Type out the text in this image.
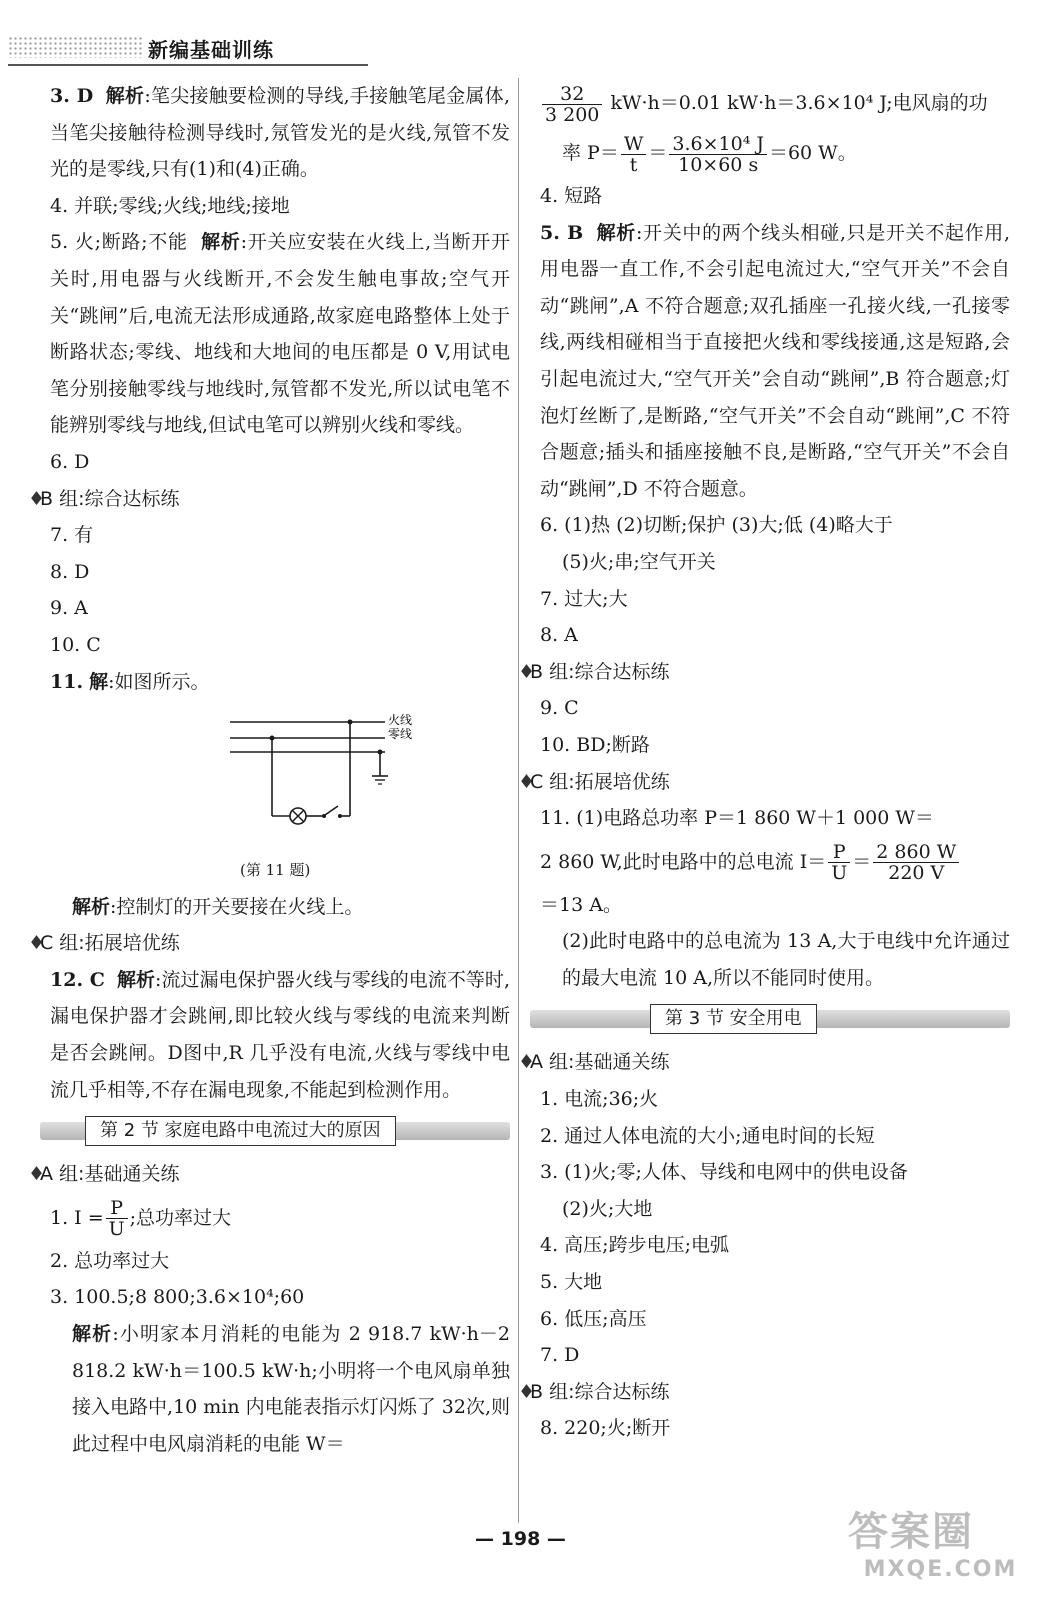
新编基础训练

3. D 解析:笔尖接触要检测的导线,手接触笔尾金属体,当笔尖接触待检测导线时,氖管发光的是火线,氖管不发光的是零线,只有(1)和(4)正确。

4. 并联;零线;火线;地线;接地

5. 火;断路;不能 解析:开关应安装在火线上,当断开开关时,用电器与火线断开,不会发生触电事故;空气开关“跳闸”后,电流无法形成通路,故家庭电路整体上处于断路状态;零线、地线和大地间的电压都是 0 V,用试电笔分别接触零线与地线时,氖管都不发光,所以试电笔不能辨别零线与地线,但试电笔可以辨别火线和零线。

6. D

♦B 组:综合达标练

7. 有

8. D

9. A

10. C

11. 解:如图所示。

火线
零线

(第 11 题)

解析:控制灯的开关要接在火线上。

♦C 组:拓展培优练

12. C 解析:流过漏电保护器火线与零线的电流不等时,漏电保护器才会跳闸,即比较火线与零线的电流来判断是否会跳闸。D图中,R 几乎没有电流,火线与零线中电流几乎相等,不存在漏电现象,不能起到检测作用。

第 2 节 家庭电路中电流过大的原因

♦A 组:基础通关练

1. $I = \frac{P}{U}$ ;总功率过大

2. 总功率过大

3. 100.5;8 800;3.6×10⁴;60

解析:小明家本月消耗的电能为 2 918.7 kW·h－2 818.2 kW·h＝100.5 kW·h;小明将一个电风扇单独接入电路中,10 min 内电能表指示灯闪烁了 32次,则此过程中电风扇消耗的电能 W＝

$\frac{32}{3 200} kW\cdot h=0.01$ kW·h＝3.6×10⁴ J;电风扇的功

率 $P= \frac{W}{t} = \frac{\text{3.6×10⁴ J}}{10\times 60 s} =60$ W。

4. 短路

5. B 解析:开关中的两个线头相碰,只是开关不起作用,用电器一直工作,不会引起电流过大,“空气开关”不会自动“跳闸”,A 不符合题意;双孔插座一孔接火线,一孔接零线,两线相碰相当于直接把火线和零线接通,这是短路,会引起电流过大,“空气开关”会自动“跳闸”,B 符合题意;灯泡灯丝断了,是断路,“空气开关”不会自动“跳闸”,C 不符合题意;插头和插座接触不良,是断路,“空气开关”不会自动“跳闸”,D 不符合题意。

6. (1)热 (2)切断;保护 (3)大;低 (4)略大于

(5)火;串;空气开关

7. 过大;大

8. A

♦B 组:综合达标练

9. C

10. BD;断路

♦C 组:拓展培优练

11. (1)电路总功率 P＝1 860 W＋1 000 W＝

2 860 W,此时电路中的总电流 $I= \frac{P}{U} = \frac{2 860 W}{220 V}$

＝13 A。

(2)此时电路中的总电流为 13 A,大于电线中允许通过的最大电流 10 A,所以不能同时使用。

第 3 节 安全用电

♦A 组:基础通关练

1. 电流;36;火

2. 通过人体电流的大小;通电时间的长短

3. (1)火;零;人体、导线和电网中的供电设备

(2)火;大地

4. 高压;跨步电压;电弧

5. 大地

6. 低压;高压

7. D

♦B 组:综合达标练

8. 220;火;断开

— 198 —	答案圈
MXQE.COM
